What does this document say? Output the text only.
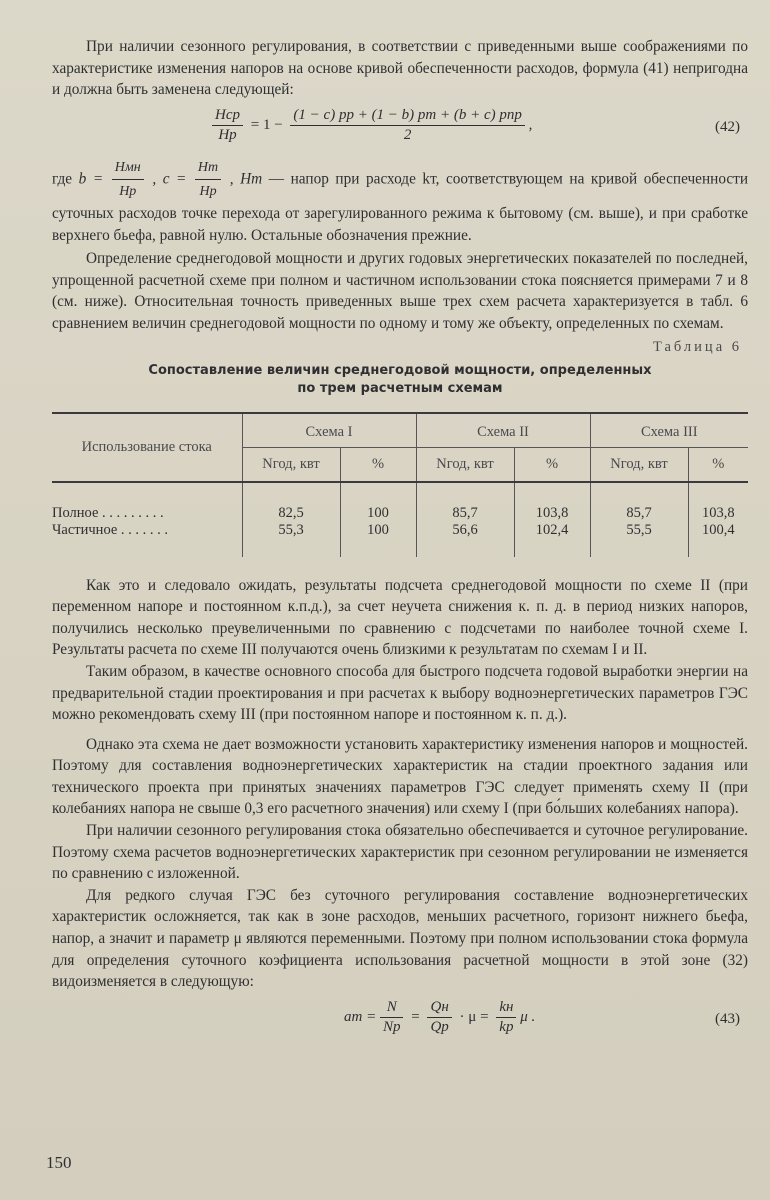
При наличии сезонного регулирования, в соответствии с приведенными выше соображениями по характеристике изменения напоров на основе кривой обеспеченности расходов, формула (41) непригодна и должна быть заменена следующей:

$\frac{\text{Hср}}{Hр} = 1 - \frac{\text{(1 − c) pр + (1 − b) pт + (b + c) pпр}}{2}$ ,	(42)

где $b = \frac{\text{Hмн}}{Hр}$ , $c = \frac{Hт}{Hр}$ , Hт — напор при расходе kт, соответствующем на кривой обеспеченности суточных расходов точке перехода от зарегулированного режима к бытовому (см. выше), и при сработке верхнего бьефа, равной нулю. Остальные обозначения прежние.

Определение среднегодовой мощности и других годовых энергетических показателей по последней, упрощенной расчетной схеме при полном и частичном использовании стока поясняется примерами 7 и 8 (см. ниже). Относительная точность приведенных выше трех схем расчета характеризуется в табл. 6 сравнением величин среднегодовой мощности по одному и тому же объекту, определенных по схемам.

Таблица 6
Сопоставление величин среднегодовой мощности, определенных
по трем расчетным схемам
Использование стока	Схема I		Схема II		Схема III	
	Nгод, квт	%	Nгод, квт	%	Nгод, квт	%

Полное . . . . . . . . .	82,5	100	85,7	103,8	85,7	103,8
Частичное . . . . . . .	55,3	100	56,6	102,4	55,5	100,4

Как это и следовало ожидать, результаты подсчета среднегодовой мощности по схеме II (при переменном напоре и постоянном к.п.д.), за счет неучета снижения к. п. д. в период низких напоров, получились несколько преувеличенными по сравнению с подсчетами по наиболее точной схеме I. Результаты расчета по схеме III получаются очень близкими к результатам по схемам I и II.

Таким образом, в качестве основного способа для быстрого подсчета годовой выработки энергии на предварительной стадии проектирования и при расчетах к выбору водноэнергетических параметров ГЭС можно рекомендовать схему III (при постоянном напоре и постоянном к. п. д.).

Однако эта схема не дает возможности установить характеристику изменения напоров и мощностей. Поэтому для составления водноэнергетических характеристик на стадии проектного задания или технического проекта при принятых значениях параметров ГЭС следует применять схему II (при колебаниях напора не свыше 0,3 его расчетного значения) или схему I (при бо́льших колебаниях напора).

При наличии сезонного регулирования стока обязательно обеспечивается и суточное регулирование. Поэтому схема расчетов водноэнергетических характеристик при сезонном регулировании не изменяется по сравнению с изложенной.

Для редкого случая ГЭС без суточного регулирования составление водноэнергетических характеристик осложняется, так как в зоне расходов, меньших расчетного, горизонт нижнего бьефа, напор, а значит и параметр μ являются переменными. Поэтому при полном использовании стока формула для определения суточного коэфициента использования расчетной мощности в этой зоне (32) видоизменяется в следующую:

aт = $\frac{N}{Nр} = \frac{Qн}{Qр} \cdot \mu = \frac{kн}{kр}$ μ .	(43)
150
